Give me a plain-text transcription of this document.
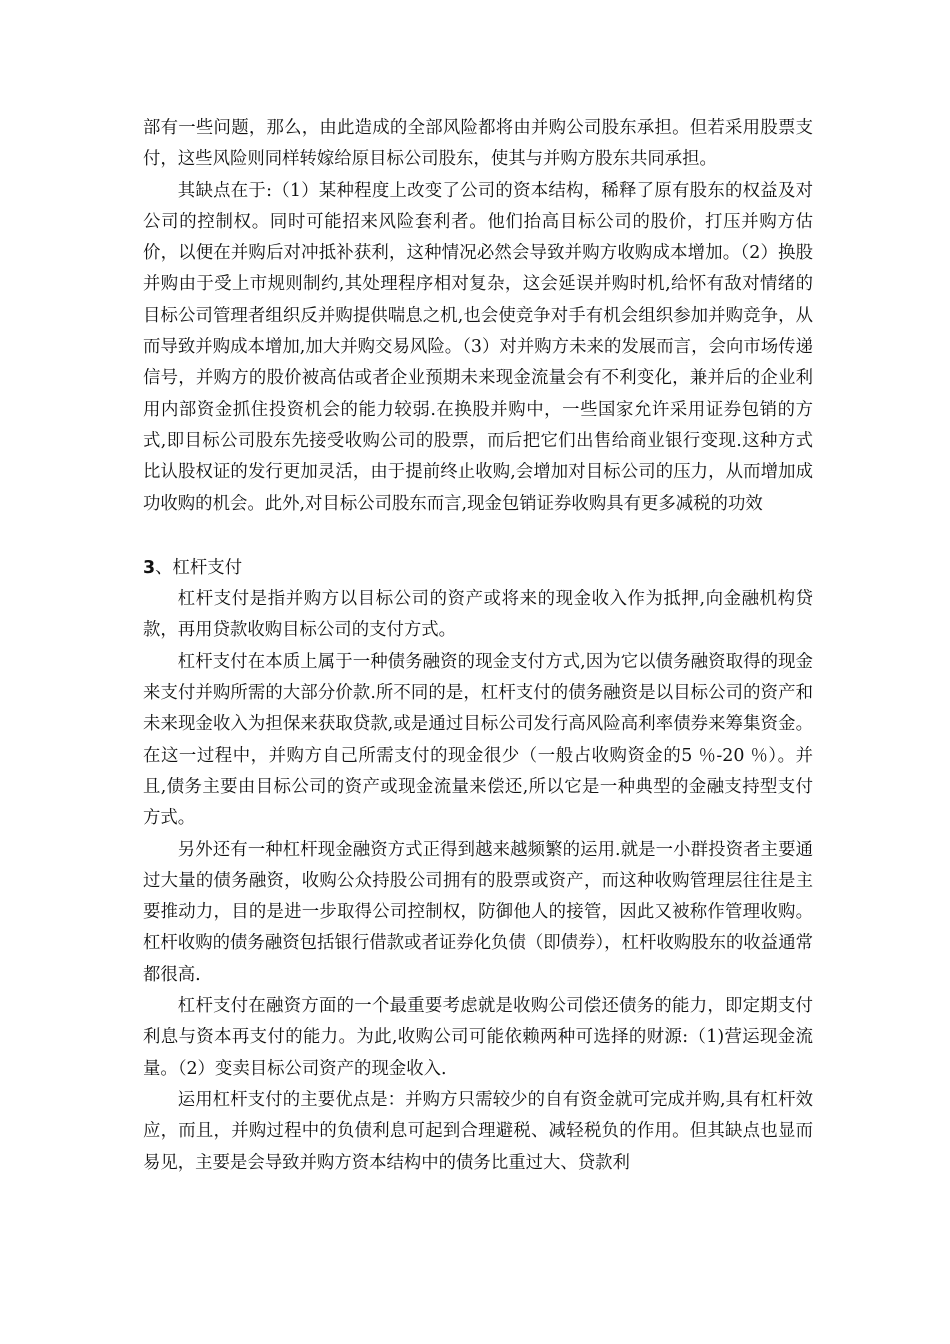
部有一些问题，那么，由此造成的全部风险都将由并购公司股东承担。但若采用股票支付，这些风险则同样转嫁给原目标公司股东，使其与并购方股东共同承担。

其缺点在于:（1）某种程度上改变了公司的资本结构，稀释了原有股东的权益及对公司的控制权。同时可能招来风险套利者。他们抬高目标公司的股价，打压并购方估价，以便在并购后对冲抵补获利，这种情况必然会导致并购方收购成本增加。（2）换股并购由于受上市规则制约,其处理程序相对复杂，这会延误并购时机,给怀有敌对情绪的目标公司管理者组织反并购提供喘息之机,也会使竞争对手有机会组织参加并购竞争，从而导致并购成本增加,加大并购交易风险。（3）对并购方未来的发展而言，会向市场传递信号，并购方的股价被高估或者企业预期未来现金流量会有不利变化，兼并后的企业利用内部资金抓住投资机会的能力较弱.在换股并购中，一些国家允许采用证券包销的方式,即目标公司股东先接受收购公司的股票，而后把它们出售给商业银行变现.这种方式比认股权证的发行更加灵活，由于提前终止收购,会增加对目标公司的压力，从而增加成功收购的机会。此外,对目标公司股东而言,现金包销证券收购具有更多减税的功效

3、杠杆支付

杠杆支付是指并购方以目标公司的资产或将来的现金收入作为抵押,向金融机构贷款，再用贷款收购目标公司的支付方式。

杠杆支付在本质上属于一种债务融资的现金支付方式,因为它以债务融资取得的现金来支付并购所需的大部分价款.所不同的是，杠杆支付的债务融资是以目标公司的资产和未来现金收入为担保来获取贷款,或是通过目标公司发行高风险高利率债券来筹集资金。在这一过程中，并购方自己所需支付的现金很少（一般占收购资金的5 ％-20 ％）。并且,债务主要由目标公司的资产或现金流量来偿还,所以它是一种典型的金融支持型支付方式。

另外还有一种杠杆现金融资方式正得到越来越频繁的运用.就是一小群投资者主要通过大量的债务融资，收购公众持股公司拥有的股票或资产，而这种收购管理层往往是主要推动力，目的是进一步取得公司控制权，防御他人的接管，因此又被称作管理收购。杠杆收购的债务融资包括银行借款或者证券化负债（即债券），杠杆收购股东的收益通常都很高.

杠杆支付在融资方面的一个最重要考虑就是收购公司偿还债务的能力，即定期支付利息与资本再支付的能力。为此,收购公司可能依赖两种可选择的财源:（1)营运现金流量。（2）变卖目标公司资产的现金收入.

运用杠杆支付的主要优点是：并购方只需较少的自有资金就可完成并购,具有杠杆效应，而且，并购过程中的负债利息可起到合理避税、减轻税负的作用。但其缺点也显而易见，主要是会导致并购方资本结构中的债务比重过大、贷款利
